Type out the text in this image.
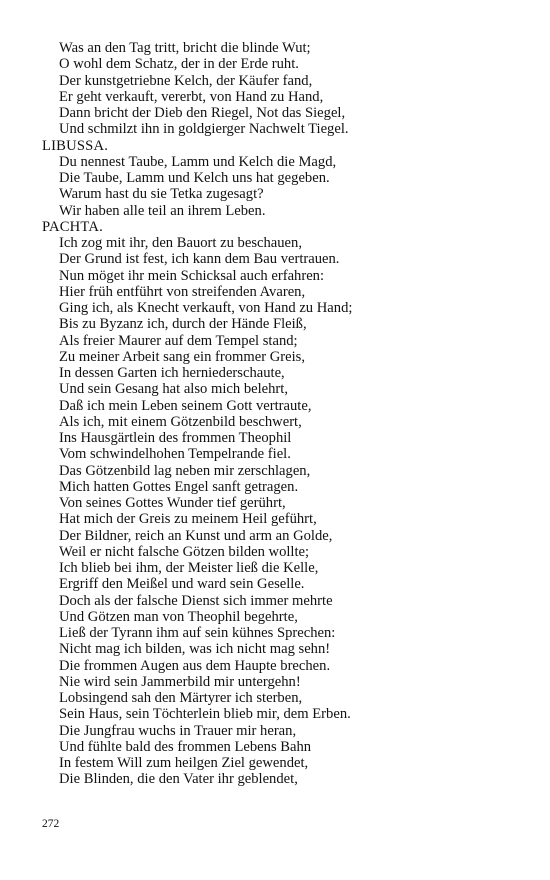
Was an den Tag tritt, bricht die blinde Wut;
O wohl dem Schatz, der in der Erde ruht.
Der kunstgetriebne Kelch, der Käufer fand,
Er geht verkauft, vererbt, von Hand zu Hand,
Dann bricht der Dieb den Riegel, Not das Siegel,
Und schmilzt ihn in goldgierger Nachwelt Tiegel.
LIBUSSA.
Du nennest Taube, Lamm und Kelch die Magd,
Die Taube, Lamm und Kelch uns hat gegeben.
Warum hast du sie Tetka zugesagt?
Wir haben alle teil an ihrem Leben.
PACHTA.
Ich zog mit ihr, den Bauort zu beschauen,
Der Grund ist fest, ich kann dem Bau vertrauen.
Nun möget ihr mein Schicksal auch erfahren:
Hier früh entführt von streifenden Avaren,
Ging ich, als Knecht verkauft, von Hand zu Hand;
Bis zu Byzanz ich, durch der Hände Fleiß,
Als freier Maurer auf dem Tempel stand;
Zu meiner Arbeit sang ein frommer Greis,
In dessen Garten ich herniederschaute,
Und sein Gesang hat also mich belehrt,
Daß ich mein Leben seinem Gott vertraute,
Als ich, mit einem Götzenbild beschwert,
Ins Hausgärtlein des frommen Theophil
Vom schwindelhohen Tempelrande fiel.
Das Götzenbild lag neben mir zerschlagen,
Mich hatten Gottes Engel sanft getragen.
Von seines Gottes Wunder tief gerührt,
Hat mich der Greis zu meinem Heil geführt,
Der Bildner, reich an Kunst und arm an Golde,
Weil er nicht falsche Götzen bilden wollte;
Ich blieb bei ihm, der Meister ließ die Kelle,
Ergriff den Meißel und ward sein Geselle.
Doch als der falsche Dienst sich immer mehrte
Und Götzen man von Theophil begehrte,
Ließ der Tyrann ihm auf sein kühnes Sprechen:
Nicht mag ich bilden, was ich nicht mag sehn!
Die frommen Augen aus dem Haupte brechen.
Nie wird sein Jammerbild mir untergehn!
Lobsingend sah den Märtyrer ich sterben,
Sein Haus, sein Töchterlein blieb mir, dem Erben.
Die Jungfrau wuchs in Trauer mir heran,
Und fühlte bald des frommen Lebens Bahn
In festem Will zum heilgen Ziel gewendet,
Die Blinden, die den Vater ihr geblendet,
272
